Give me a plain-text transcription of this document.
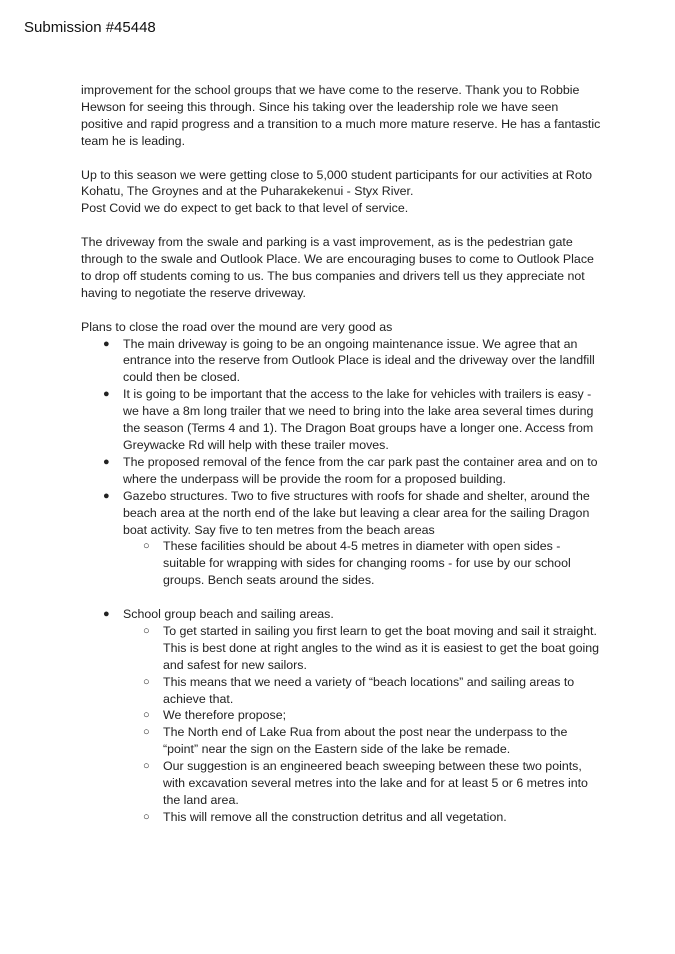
Submission #45448

improvement for the school groups that we have come to the reserve. Thank you to Robbie Hewson for seeing this through. Since his taking over the leadership role we have seen positive and rapid progress and a transition to a much more mature reserve. He has a fantastic team he is leading.

Up to this season we were getting close to 5,000 student participants for our activities at Roto Kohatu, The Groynes and at the Puharakekenui - Styx River.
Post Covid we do expect to get back to that level of service.

The driveway from the swale and parking is a vast improvement, as is the pedestrian gate through to the swale and Outlook Place. We are encouraging buses to come to Outlook Place to drop off students coming to us. The bus companies and drivers tell us they appreciate not having to negotiate the reserve driveway.

Plans to close the road over the mound are very good as

● The main driveway is going to be an ongoing maintenance issue. We agree that an entrance into the reserve from Outlook Place is ideal and the driveway over the landfill could then be closed.
● It is going to be important that the access to the lake for vehicles with trailers is easy - we have a 8m long trailer that we need to bring into the lake area several times during the season (Terms 4 and 1). The Dragon Boat groups have a longer one. Access from Greywacke Rd will help with these trailer moves.
● The proposed removal of the fence from the car park past the container area and on to where the underpass will be provide the room for a proposed building.
● Gazebo structures. Two to five structures with roofs for shade and shelter, around the beach area at the north end of the lake but leaving a clear area for the sailing Dragon boat activity. Say five to ten metres from the beach areas
○ These facilities should be about 4-5 metres in diameter with open sides - suitable for wrapping with sides for changing rooms - for use by our school groups. Bench seats around the sides.
● School group beach and sailing areas.
○ To get started in sailing you first learn to get the boat moving and sail it straight. This is best done at right angles to the wind as it is easiest to get the boat going and safest for new sailors.
○ This means that we need a variety of “beach locations” and sailing areas to achieve that.
○ We therefore propose;
○ The North end of Lake Rua from about the post near the underpass to the “point” near the sign on the Eastern side of the lake be remade.
○ Our suggestion is an engineered beach sweeping between these two points, with excavation several metres into the lake and for at least 5 or 6 metres into the land area.
○ This will remove all the construction detritus and all vegetation.
